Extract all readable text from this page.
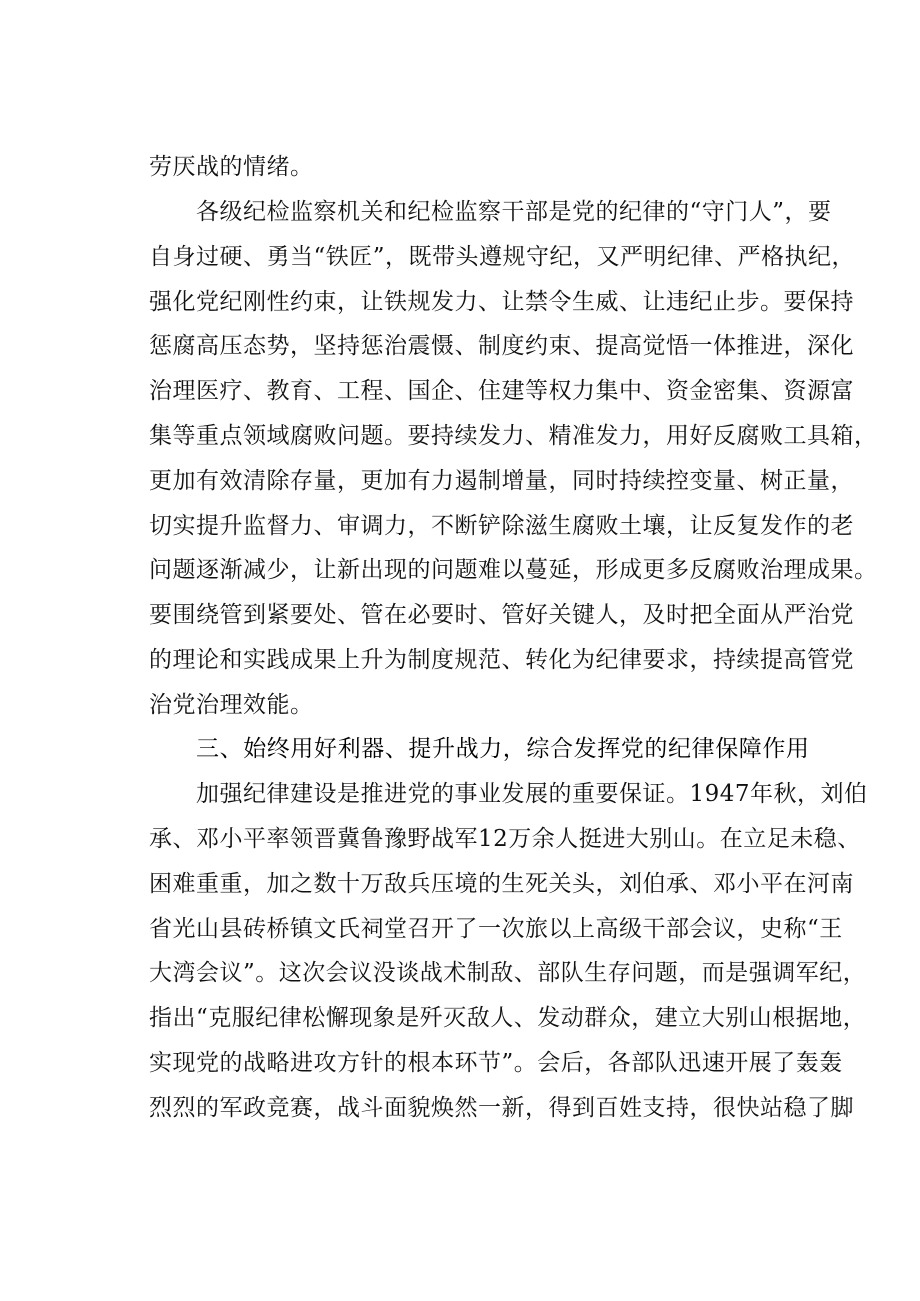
劳厌战的情绪。
各级纪检监察机关和纪检监察干部是党的纪律的“守门人”，要
自身过硬、勇当“铁匠”，既带头遵规守纪，又严明纪律、严格执纪，
强化党纪刚性约束，让铁规发力、让禁令生威、让违纪止步。要保持
惩腐高压态势，坚持惩治震慑、制度约束、提高觉悟一体推进，深化
治理医疗、教育、工程、国企、住建等权力集中、资金密集、资源富
集等重点领域腐败问题。要持续发力、精准发力，用好反腐败工具箱，
更加有效清除存量，更加有力遏制增量，同时持续控变量、树正量，
切实提升监督力、审调力，不断铲除滋生腐败土壤，让反复发作的老
问题逐渐减少，让新出现的问题难以蔓延，形成更多反腐败治理成果。
要围绕管到紧要处、管在必要时、管好关键人，及时把全面从严治党
的理论和实践成果上升为制度规范、转化为纪律要求，持续提高管党
治党治理效能。
三、始终用好利器、提升战力，综合发挥党的纪律保障作用
加强纪律建设是推进党的事业发展的重要保证。1947年秋，刘伯
承、邓小平率领晋冀鲁豫野战军12万余人挺进大别山。在立足未稳、
困难重重，加之数十万敌兵压境的生死关头，刘伯承、邓小平在河南
省光山县砖桥镇文氏祠堂召开了一次旅以上高级干部会议，史称“王
大湾会议”。这次会议没谈战术制敌、部队生存问题，而是强调军纪，
指出“克服纪律松懈现象是歼灭敌人、发动群众，建立大别山根据地，
实现党的战略进攻方针的根本环节”。会后，各部队迅速开展了轰轰
烈烈的军政竞赛，战斗面貌焕然一新，得到百姓支持，很快站稳了脚
